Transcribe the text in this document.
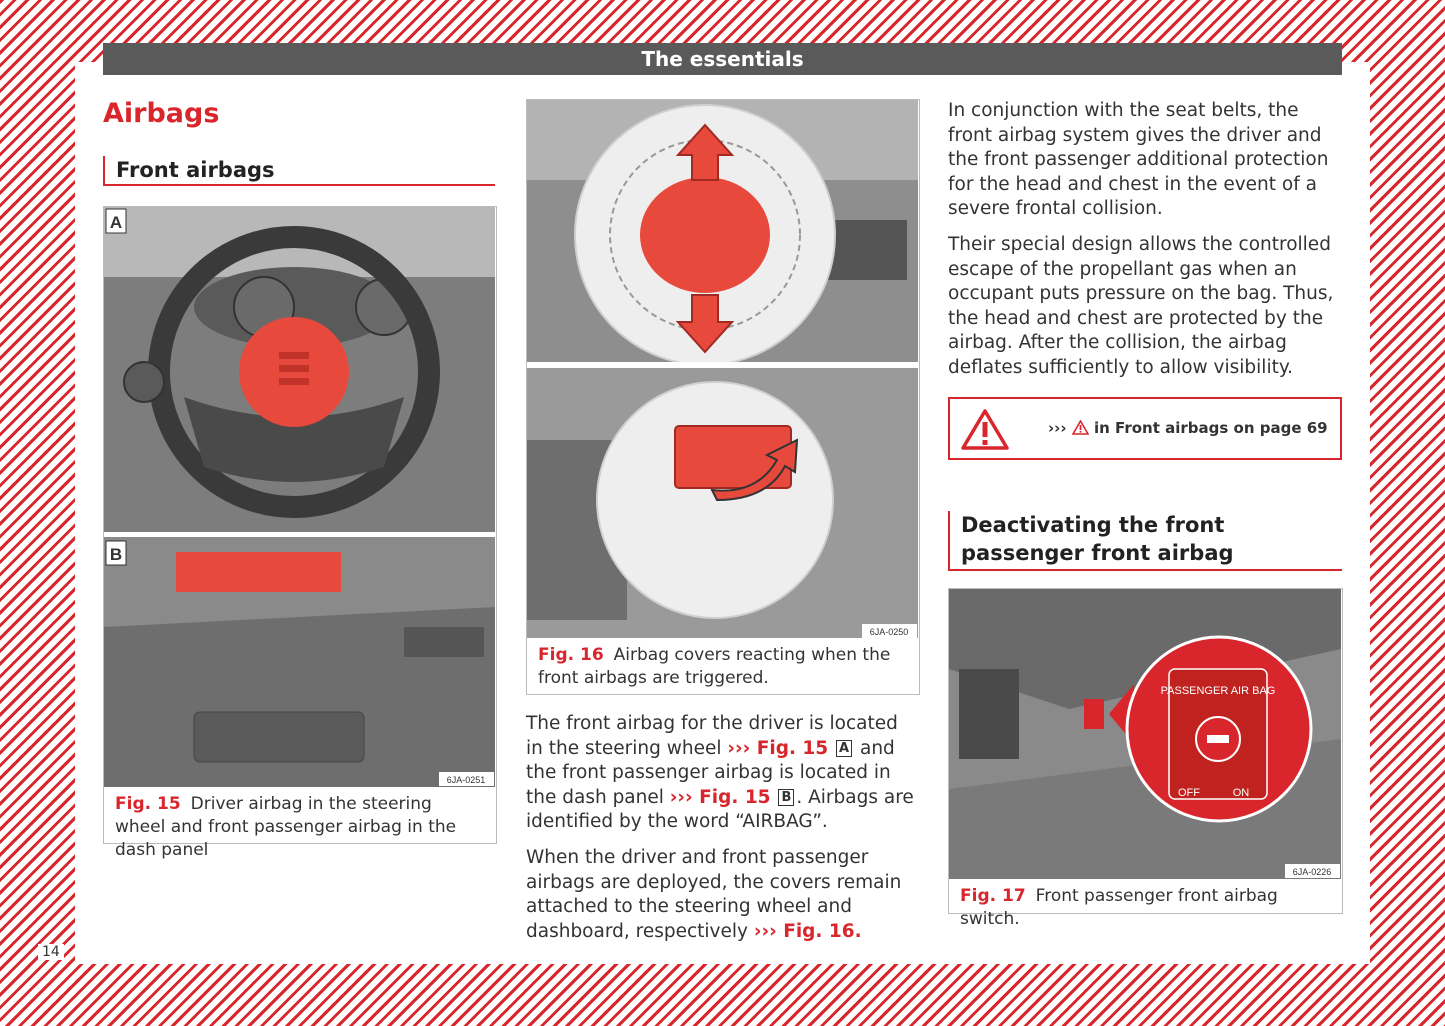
The essentials
Airbags
Front airbags
A
B
6JA-0251
Fig. 15 Driver airbag in the steering wheel and front passenger airbag in the dash panel
6JA-0250
Fig. 16 Airbag covers reacting when the front airbags are triggered.

The front airbag for the driver is located in the steering wheel ››› Fig. 15 A and the front passenger airbag is located in the dash panel ››› Fig. 15 B . Airbags are identified by the word “AIRBAG”.

When the driver and front passenger airbags are deployed, the covers remain attached to the steering wheel and dashboard, respectively ››› Fig. 16.

In conjunction with the seat belts, the front airbag system gives the driver and the front passenger additional protection for the head and chest in the event of a severe frontal collision.

Their special design allows the controlled escape of the propellant gas when an occupant puts pressure on the bag. Thus, the head and chest are protected by the airbag. After the collision, the airbag deflates sufficiently to allow visibility.

››› in Front airbags on page 69
Deactivating the front passenger front airbag
PASSENGER AIR BAG
OFF	ON
6JA-0226
Fig. 17 Front passenger front airbag switch.
14
